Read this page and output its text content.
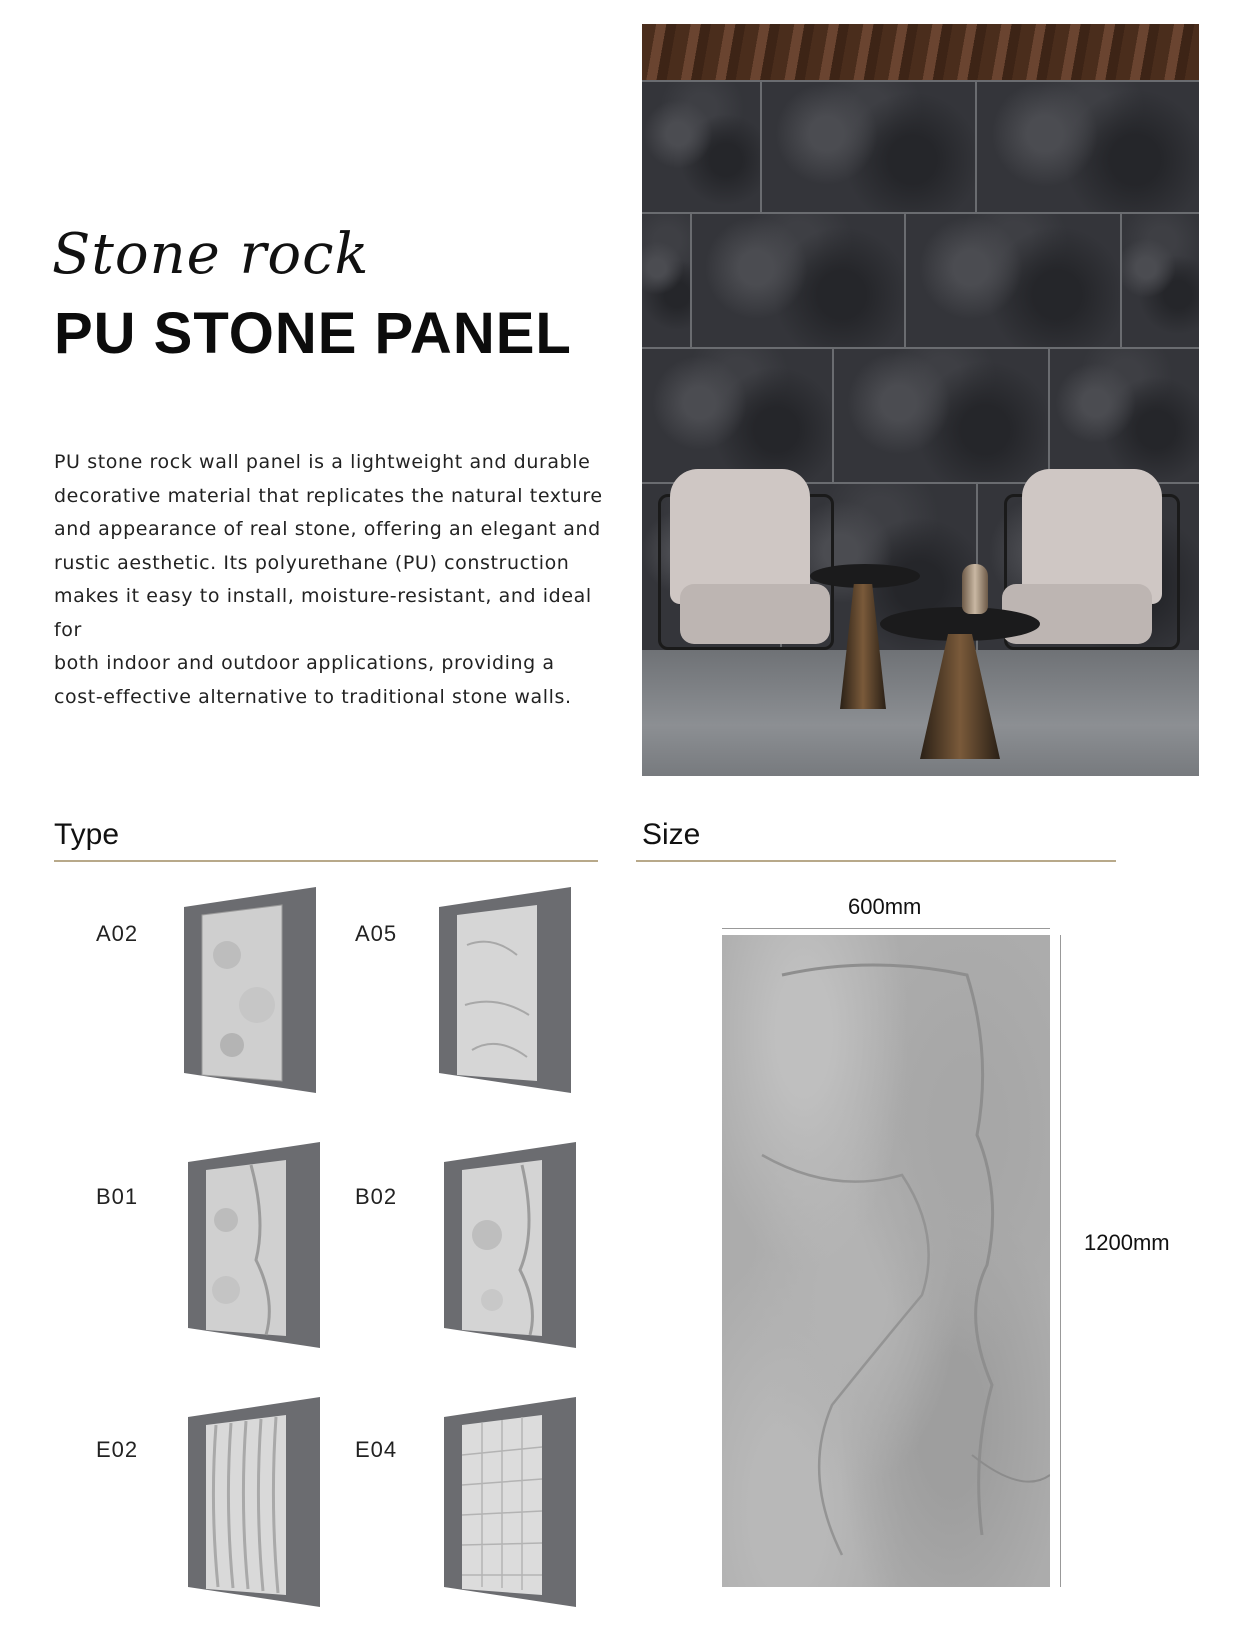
Stone rock
PU STONE PANEL
PU stone rock wall panel is a lightweight and durable
decorative material that replicates the natural texture
and appearance of real stone, offering an elegant and
rustic aesthetic. Its polyurethane (PU) construction
makes it easy to install, moisture-resistant, and ideal for
both indoor and outdoor applications, providing a
cost-effective alternative to traditional stone walls.
Type
A02	A05
B01	B02
E02	E04
Size
600mm
1200mm
